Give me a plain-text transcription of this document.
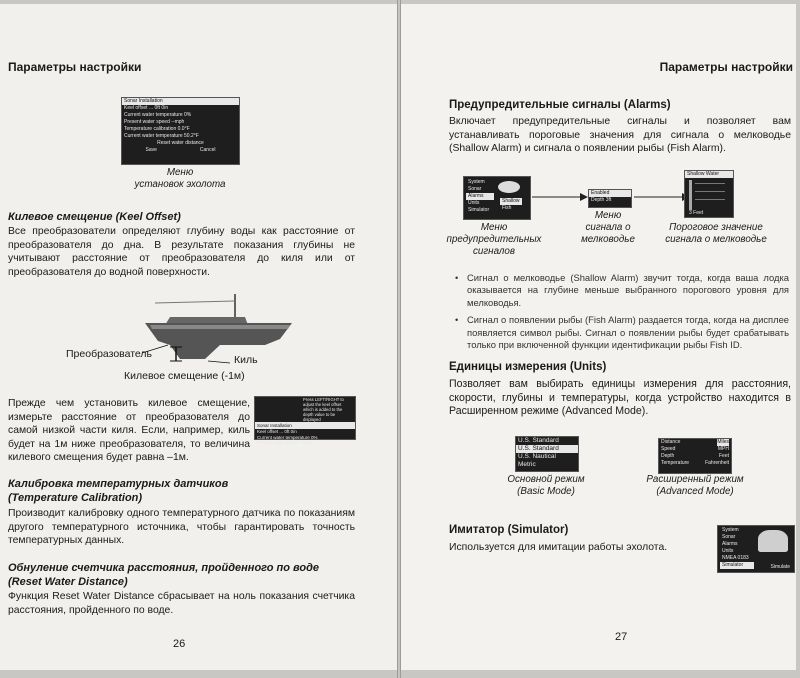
Параметры настройки
Sonar Installation
Keel offset ... 0ft 0in
Current water temperature 0%
Present water speed --mph
Temperature calibration 0.0°F
Current water temperature 50.2°F
Reset water distance
Save	Cancel
Меню
установок эхолота
Килевое смещение (Keel Offset)
Все преобразователи определяют глубину воды как расстояние от преобразователя до дна. В результате показания глубины не учитывают расстояние от преобразователя до киля или от преобразователя до водной поверхности.
Преобразователь	Киль
Килевое смещение (-1м)
Прежде чем установить килевое смещение, измерьте расстояние от преобразователя до самой низкой части киля. Если, например, киль будет на 1м ниже преобразователя, то величина килевого смещения будет равна –1м.
Press LEFT/RIGHT to adjust the keel offset which is added to the depth value to be displayed
Sonar Installation
Keel offset ... 0ft 0in
Current water temperature 0%
Present water speed --mph
Калибровка температурных датчиков
(Temperature Calibration)
Производит калибровку одного температурного датчика по показаниям другого температурного источника, чтобы гарантировать точность температурных данных.
Обнуление счетчика расстояния, пройденного по воде
(Reset Water Distance)
Функция Reset Water Distance сбрасывает на ноль показания счетчика расстояния, пройденного по воде.
26
Параметры настройки
Предупредительные сигналы (Alarms)
Включает предупредительные сигналы и позволяет вам устанавливать пороговые значения для сигнала о мелководье (Shallow Alarm) и сигнала о появлении рыбы (Fish Alarm).
System
Sonar
Alarms
Units
Simulator
Shallow
Fish
Enabled
Depth 3ft
Shallow Water
3 Feet
Меню
предупредительных
сигналов
Меню
сигнала о
мелководье
Пороговое значение
сигнала о мелководье
• Сигнал о мелководье (Shallow Alarm) звучит тогда, когда ваша лодка оказывается на глубине меньше выбранного порогового уровня для мелководья.
• Сигнал о появлении рыбы (Fish Alarm) раздается тогда, когда на дисплее появляется символ рыбы. Сигнал о появлении рыбы будет срабатывать только при включенной функции идентификации рыбы Fish ID.
Единицы измерения (Units)
Позволяет вам выбирать единицы измерения для расстояния, скорости, глубины и температуры, когда устройство находится в Расширенном режиме (Advanced Mode).
U.S. Standard
U.S. Standard
U.S. Nautical
Metric
Distance	Miles
Speed	MPH
Depth	Feet
Temperature	Fahrenheit
Основной режим
(Basic Mode)
Расширенный режим
(Advanced Mode)
Имитатор (Simulator)
Используется для имитации работы эхолота.
System
Sonar
Alarms
Units
NMEA 0183
Simulator	Simulate
27
